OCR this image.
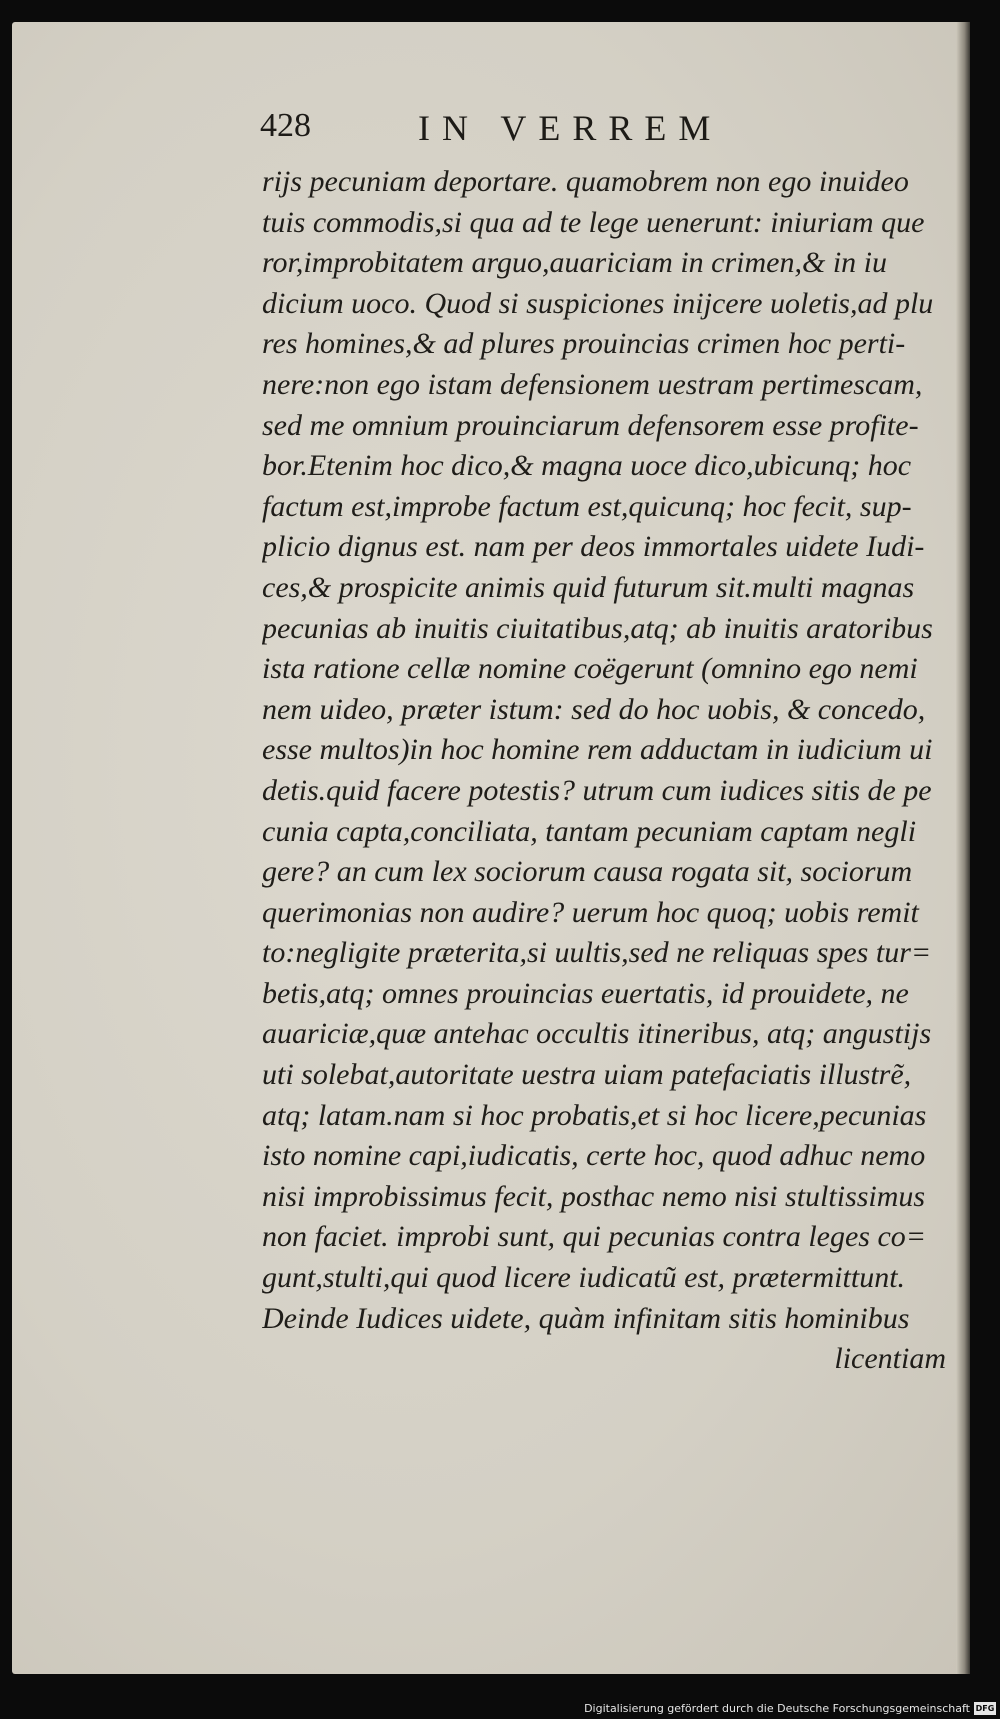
428	IN VERREM
rijs pecuniam deportare. quamobrem non ego inuideo
tuis commodis,si qua ad te lege uenerunt: iniuriam que
ror,improbitatem arguo,auariciam in crimen,& in iu
dicium uoco. Quod si suspiciones inijcere uoletis,ad plu
res homines,& ad plures prouincias crimen hoc perti-
nere:non ego istam defensionem uestram pertimescam,
sed me omnium prouinciarum defensorem esse profite-
bor.Etenim hoc dico,& magna uoce dico,ubicunq; hoc
factum est,improbe factum est,quicunq; hoc fecit, sup-
plicio dignus est. nam per deos immortales uidete Iudi-
ces,& prospicite animis quid futurum sit.multi magnas
pecunias ab inuitis ciuitatibus,atq; ab inuitis aratoribus
ista ratione cellæ nomine coëgerunt (omnino ego nemi
nem uideo, præter istum: sed do hoc uobis, & concedo,
esse multos)in hoc homine rem adductam in iudicium ui
detis.quid facere potestis? utrum cum iudices sitis de pe
cunia capta,conciliata, tantam pecuniam captam negli
gere? an cum lex sociorum causa rogata sit, sociorum
querimonias non audire? uerum hoc quoq; uobis remit
to:negligite præterita,si uultis,sed ne reliquas spes tur=
betis,atq; omnes prouincias euertatis, id prouidete, ne
auariciæ,quæ antehac occultis itineribus, atq; angustijs
uti solebat,autoritate uestra uiam patefaciatis illustrẽ,
atq; latam.nam si hoc probatis,et si hoc licere,pecunias
isto nomine capi,iudicatis, certe hoc, quod adhuc nemo
nisi improbissimus fecit, posthac nemo nisi stultissimus
non faciet. improbi sunt, qui pecunias contra leges co=
gunt,stulti,qui quod licere iudicatũ est, prætermittunt.
Deinde Iudices uidete, quàm infinitam sitis hominibus
licentiam
Digitalisierung gefördert durch die Deutsche Forschungsgemeinschaft DFG
